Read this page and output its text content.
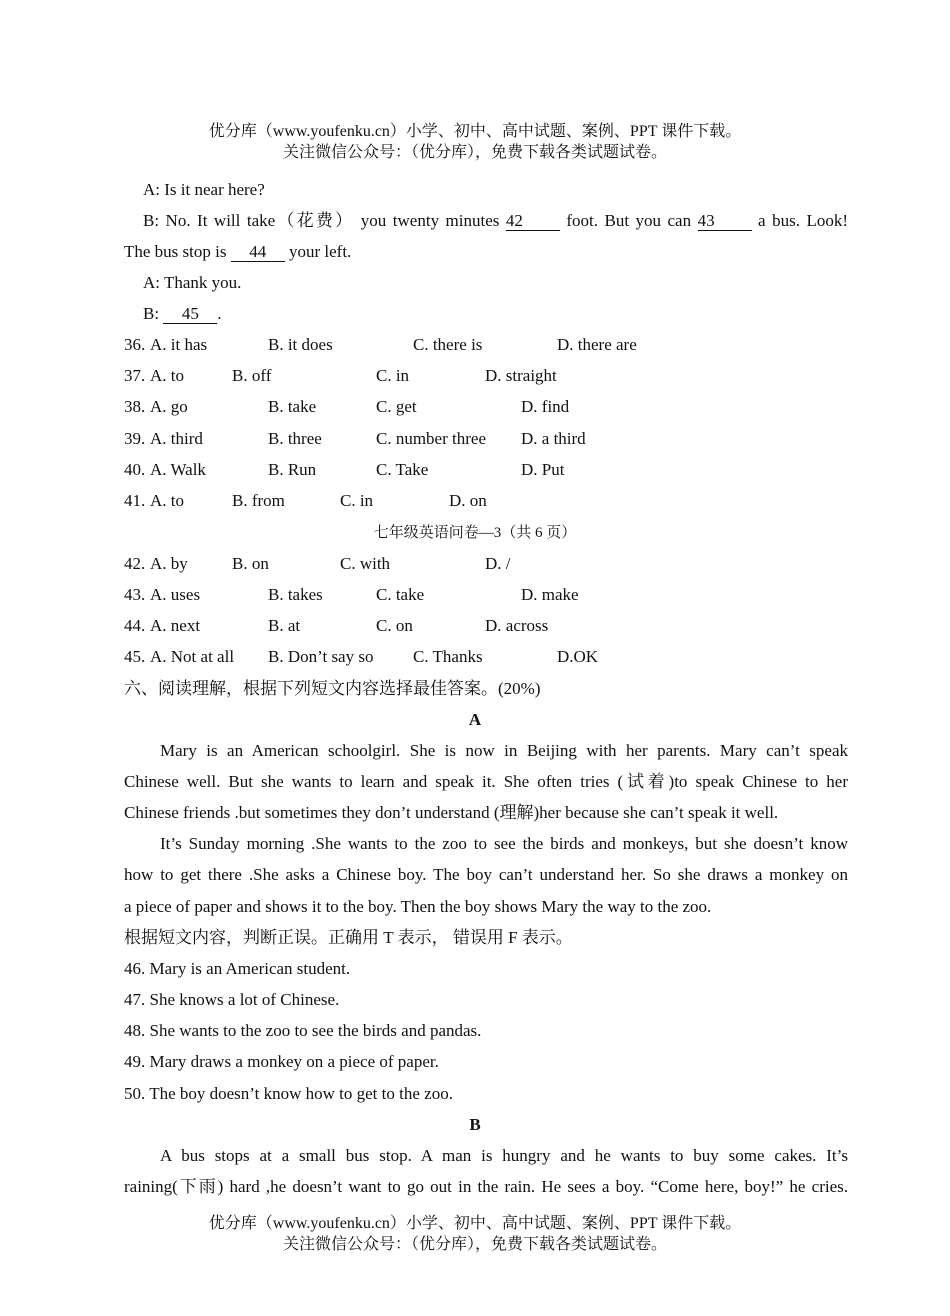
优分库（www.youfenku.cn）小学、初中、高中试题、案例、PPT 课件下载。
关注微信公众号：（优分库），免费下载各类试题试卷。
A: Is it near here?
B: No. It will take（花费） you twenty minutes 42 foot. But you can 43 a bus. Look!
The bus stop is 44 your left.
A: Thank you.
B: 45 .
36. A. it has	B. it does	C. there is	D. there are
37. A. to	B. off	C. in	D. straight
38. A. go	B. take	C. get	D. find
39. A. third	B. three	C. number three D. a third
40. A. Walk	B. Run	C. Take	D. Put
41. A. to	B. from	C. in	D. on
七年级英语问卷—3（共 6 页）
42. A. by	B. on	C. with	D. /
43. A. uses	B. takes	C. take	D. make
44. A. next	B. at	C. on	D. across
45. A. Not at all B. Don’t say so C. Thanks	D.OK
六、阅读理解，根据下列短文内容选择最佳答案。(20%)
A
Mary is an American schoolgirl. She is now in Beijing with her parents. Mary can’t speak
Chinese well. But she wants to learn and speak it. She often tries (试着)to speak Chinese to her
Chinese friends .but sometimes they don’t understand (理解)her because she can’t speak it well.
It’s Sunday morning .She wants to the zoo to see the birds and monkeys, but she doesn’t know
how to get there .She asks a Chinese boy. The boy can’t understand her. So she draws a monkey on
a piece of paper and shows it to the boy. Then the boy shows Mary the way to the zoo.
根据短文内容，判断正误。正确用 T 表示， 错误用 F 表示。
46. Mary is an American student.
47. She knows a lot of Chinese.
48. She wants to the zoo to see the birds and pandas.
49. Mary draws a monkey on a piece of paper.
50. The boy doesn’t know how to get to the zoo.
B
A bus stops at a small bus stop. A man is hungry and he wants to buy some cakes. It’s
raining(下雨) hard ,he doesn’t want to go out in the rain. He sees a boy. “Come here, boy!” he cries.
优分库（www.youfenku.cn）小学、初中、高中试题、案例、PPT 课件下载。
关注微信公众号：（优分库），免费下载各类试题试卷。
